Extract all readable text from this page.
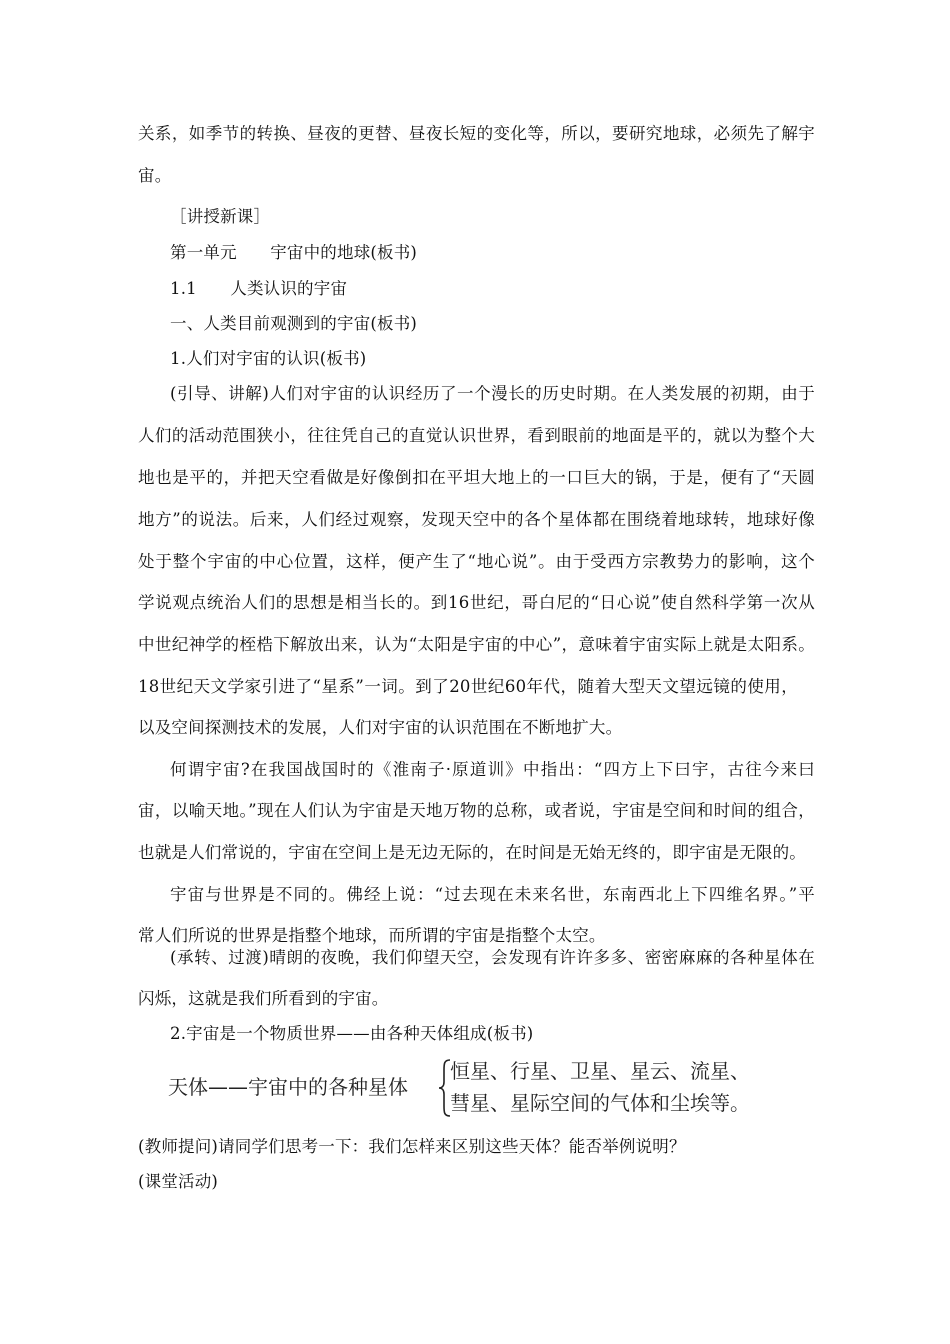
关系，如季节的转换、昼夜的更替、昼夜长短的变化等，所以，要研究地球，必须先了解宇
宙。
［讲授新课］
第一单元　　宇宙中的地球(板书)
1.1　　人类认识的宇宙
一、人类目前观测到的宇宙(板书)
1.人们对宇宙的认识(板书)
(引导、讲解)人们对宇宙的认识经历了一个漫长的历史时期。在人类发展的初期，由于
人们的活动范围狭小，往往凭自己的直觉认识世界，看到眼前的地面是平的，就以为整个大
地也是平的，并把天空看做是好像倒扣在平坦大地上的一口巨大的锅，于是，便有了“天圆
地方”的说法。后来，人们经过观察，发现天空中的各个星体都在围绕着地球转，地球好像
处于整个宇宙的中心位置，这样，便产生了“地心说”。由于受西方宗教势力的影响，这个
学说观点统治人们的思想是相当长的。到16世纪，哥白尼的“日心说”使自然科学第一次从
中世纪神学的桎梏下解放出来，认为“太阳是宇宙的中心”，意味着宇宙实际上就是太阳系。
18世纪天文学家引进了“星系”一词。到了20世纪60年代，随着大型天文望远镜的使用，
以及空间探测技术的发展，人们对宇宙的认识范围在不断地扩大。
何谓宇宙?在我国战国时的《淮南子·原道训》中指出：“四方上下曰宇，古往今来曰
宙，以喻天地。”现在人们认为宇宙是天地万物的总称，或者说，宇宙是空间和时间的组合，
也就是人们常说的，宇宙在空间上是无边无际的，在时间是无始无终的，即宇宙是无限的。
宇宙与世界是不同的。佛经上说：“过去现在未来名世，东南西北上下四维名界。”平
常人们所说的世界是指整个地球，而所谓的宇宙是指整个太空。
(承转、过渡)晴朗的夜晚，我们仰望天空，会发现有许许多多、密密麻麻的各种星体在
闪烁，这就是我们所看到的宇宙。
2.宇宙是一个物质世界——由各种天体组成(板书)
天体——宇宙中的各种星体
恒星、行星、卫星、星云、流星、
彗星、星际空间的气体和尘埃等。
(教师提问)请同学们思考一下：我们怎样来区别这些天体？能否举例说明？
(课堂活动)
